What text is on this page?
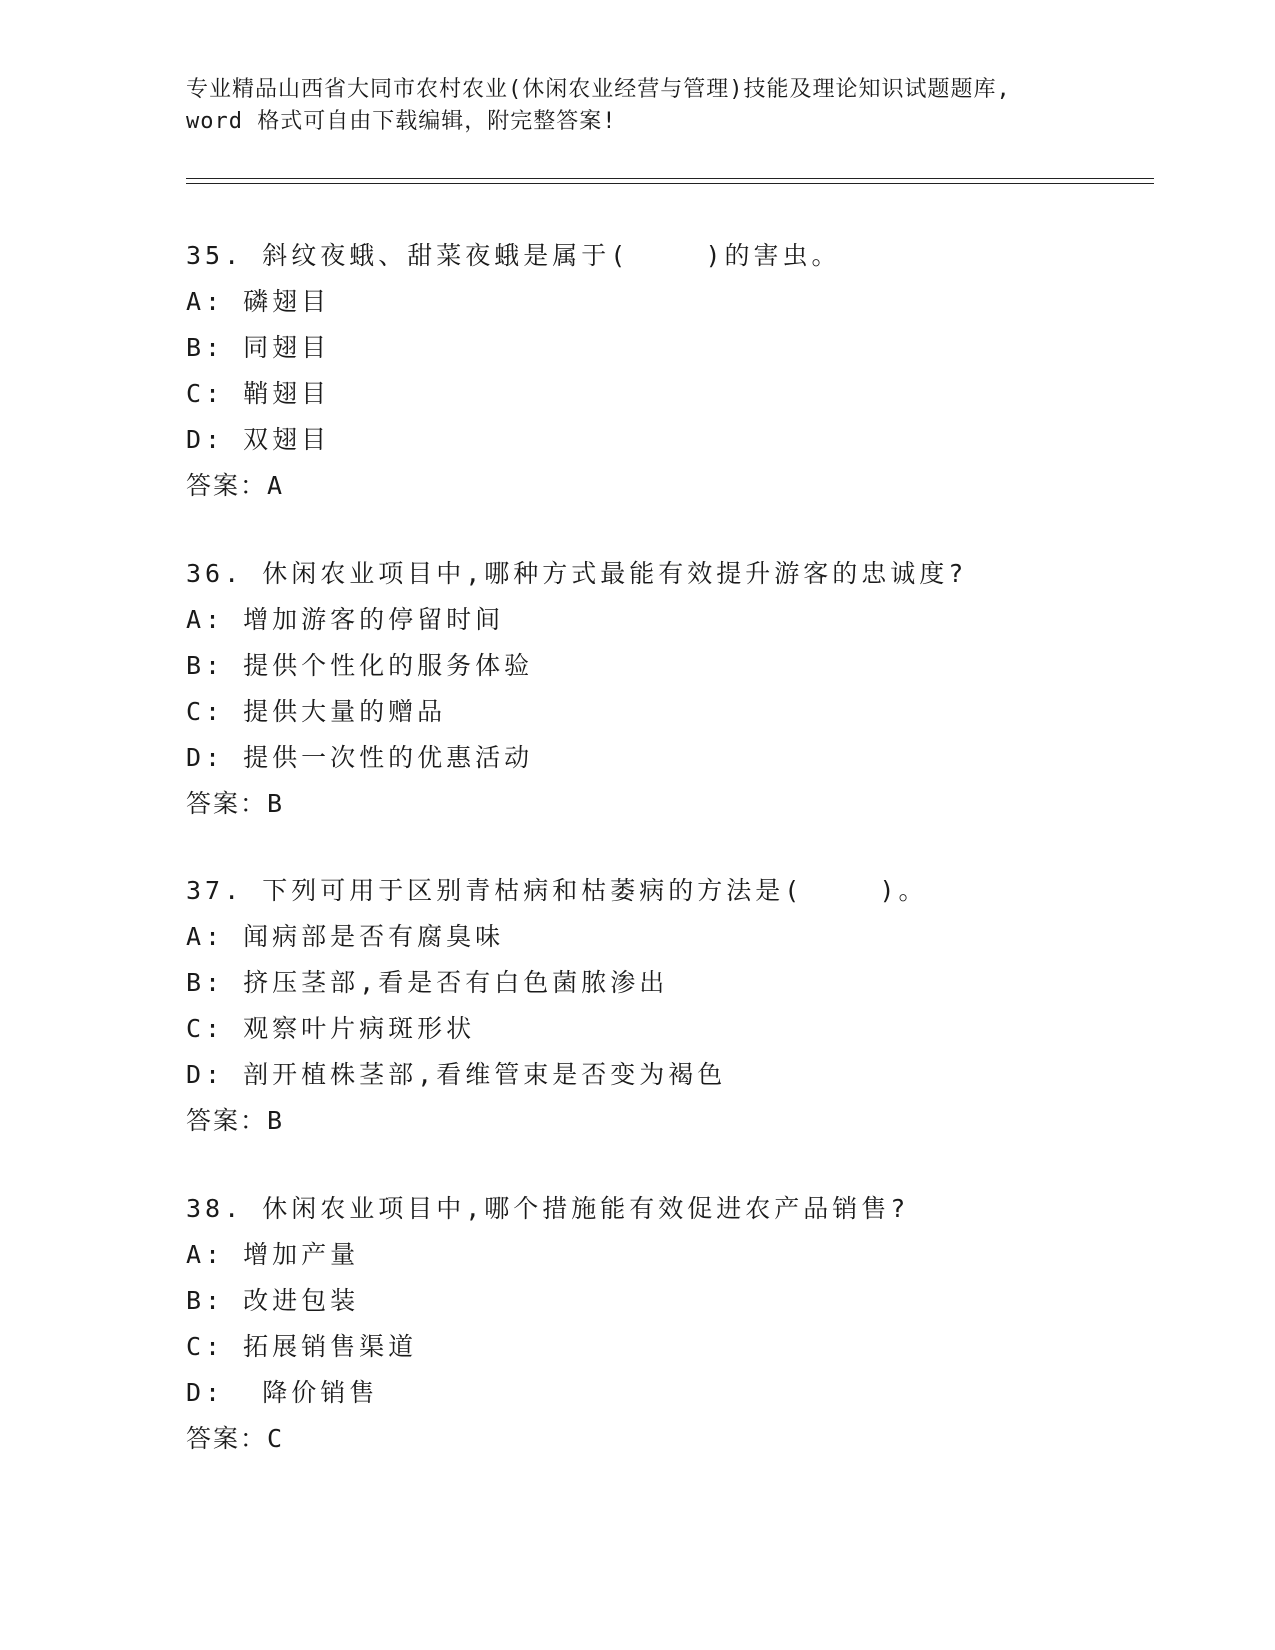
专业精品山西省大同市农村农业(休闲农业经营与管理)技能及理论知识试题题库,
word 格式可自由下载编辑，附完整答案!
35. 斜纹夜蛾、甜菜夜蛾是属于(    )的害虫。
A: 磷翅目
B: 同翅目
C: 鞘翅目
D: 双翅目
答案：A
36. 休闲农业项目中,哪种方式最能有效提升游客的忠诚度?
A: 增加游客的停留时间
B: 提供个性化的服务体验
C: 提供大量的赠品
D: 提供一次性的优惠活动
答案：B
37. 下列可用于区别青枯病和枯萎病的方法是(    )。
A: 闻病部是否有腐臭味
B: 挤压茎部,看是否有白色菌脓渗出
C: 观察叶片病斑形状
D: 剖开植株茎部,看维管束是否变为褐色
答案：B
38. 休闲农业项目中,哪个措施能有效促进农产品销售?
A: 增加产量
B: 改进包装
C: 拓展销售渠道
D:  降价销售
答案：C
